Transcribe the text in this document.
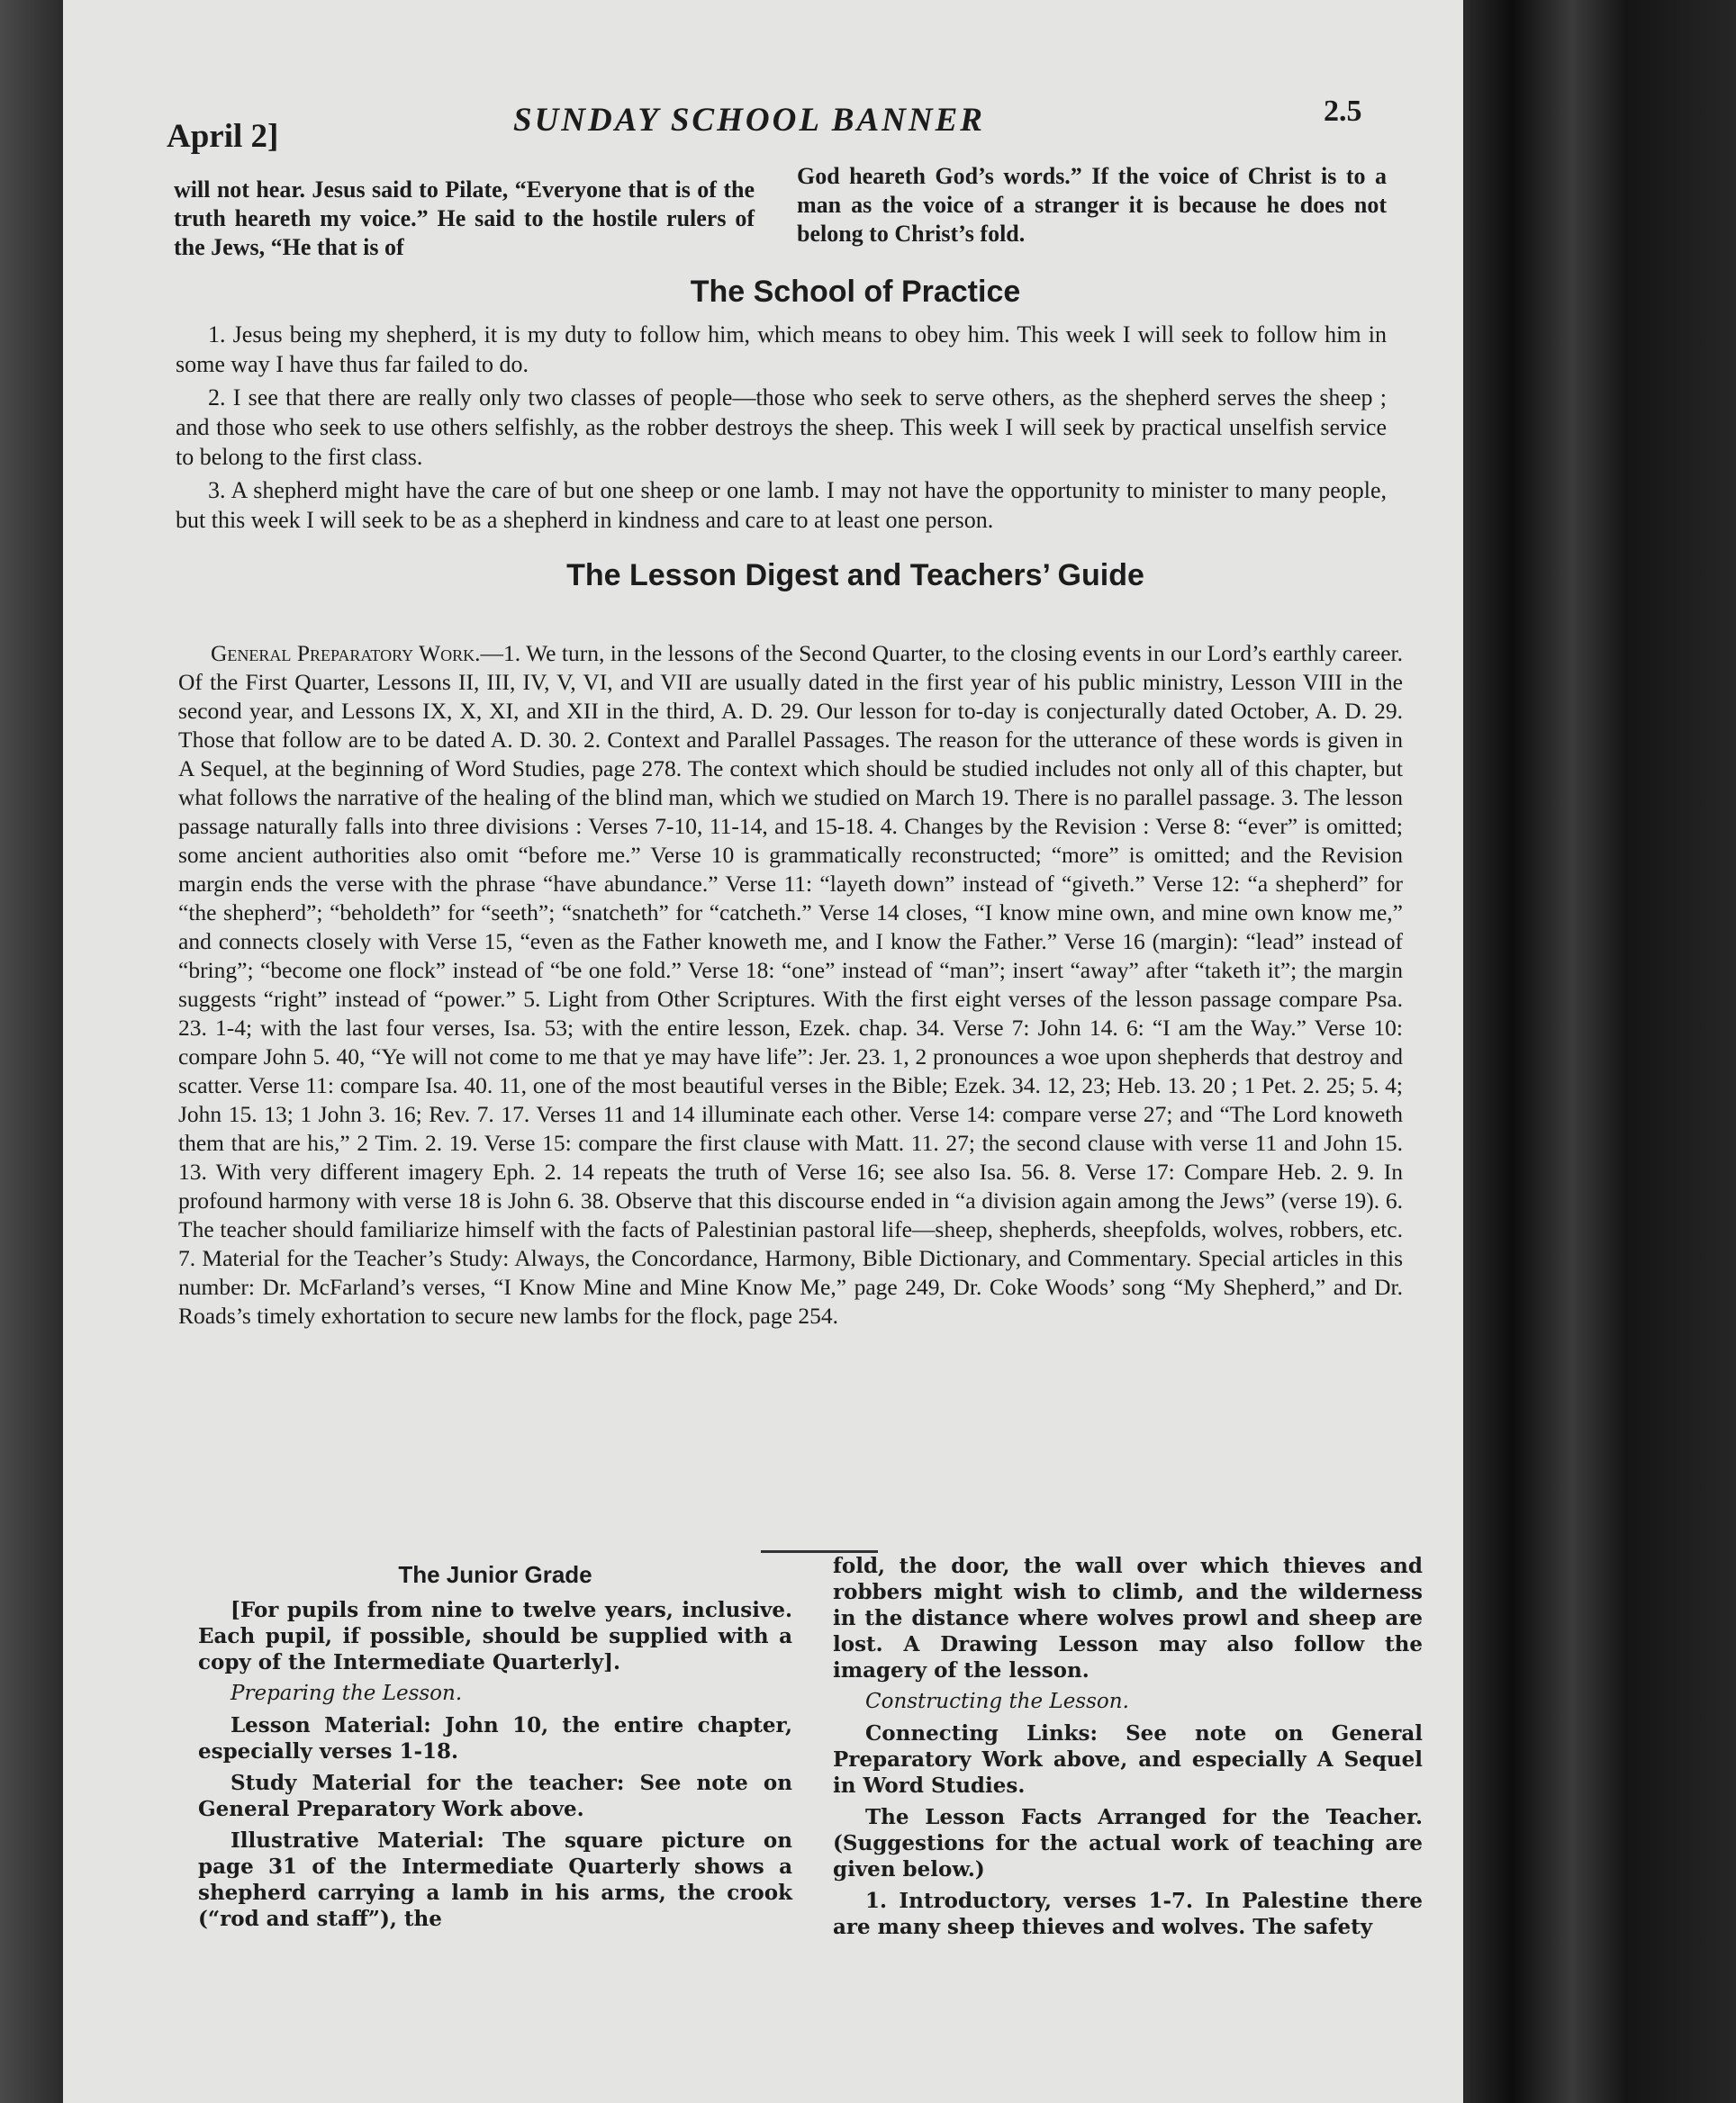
April 2]	SUNDAY SCHOOL BANNER	2.5

will not hear. Jesus said to Pilate, “Everyone that is of the truth heareth my voice.” He said to the hostile rulers of the Jews, “He that is of

God heareth God’s words.” If the voice of Christ is to a man as the voice of a stranger it is because he does not belong to Christ’s fold.

The School of Practice

1. Jesus being my shepherd, it is my duty to follow him, which means to obey him. This week I will seek to follow him in some way I have thus far failed to do.

2. I see that there are really only two classes of people—those who seek to serve others, as the shepherd serves the sheep ; and those who seek to use others selfishly, as the robber destroys the sheep. This week I will seek by practical unselfish service to belong to the first class.

3. A shepherd might have the care of but one sheep or one lamb. I may not have the opportunity to minister to many people, but this week I will seek to be as a shepherd in kindness and care to at least one person.

The Lesson Digest and Teachers’ Guide

General Preparatory Work.—1. We turn, in the lessons of the Second Quarter, to the closing events in our Lord’s earthly career. Of the First Quarter, Lessons II, III, IV, V, VI, and VII are usually dated in the first year of his public ministry, Lesson VIII in the second year, and Lessons IX, X, XI, and XII in the third, A. D. 29. Our lesson for to-day is conjecturally dated October, A. D. 29. Those that follow are to be dated A. D. 30. 2. Context and Parallel Passages. The reason for the utterance of these words is given in A Sequel, at the beginning of Word Studies, page 278. The context which should be studied includes not only all of this chapter, but what follows the narrative of the healing of the blind man, which we studied on March 19. There is no parallel passage. 3. The lesson passage naturally falls into three divisions : Verses 7-10, 11-14, and 15-18. 4. Changes by the Revision : Verse 8: “ever” is omitted; some ancient authorities also omit “before me.” Verse 10 is grammatically reconstructed; “more” is omitted; and the Revision margin ends the verse with the phrase “have abundance.” Verse 11: “layeth down” instead of “giveth.” Verse 12: “a shepherd” for “the shepherd”; “beholdeth” for “seeth”; “snatcheth” for “catcheth.” Verse 14 closes, “I know mine own, and mine own know me,” and connects closely with Verse 15, “even as the Father knoweth me, and I know the Father.” Verse 16 (margin): “lead” instead of “bring”; “become one flock” instead of “be one fold.” Verse 18: “one” instead of “man”; insert “away” after “taketh it”; the margin suggests “right” instead of “power.” 5. Light from Other Scriptures. With the first eight verses of the lesson passage compare Psa. 23. 1-4; with the last four verses, Isa. 53; with the entire lesson, Ezek. chap. 34. Verse 7: John 14. 6: “I am the Way.” Verse 10: compare John 5. 40, “Ye will not come to me that ye may have life”: Jer. 23. 1, 2 pronounces a woe upon shepherds that destroy and scatter. Verse 11: compare Isa. 40. 11, one of the most beautiful verses in the Bible; Ezek. 34. 12, 23; Heb. 13. 20 ; 1 Pet. 2. 25; 5. 4; John 15. 13; 1 John 3. 16; Rev. 7. 17. Verses 11 and 14 illuminate each other. Verse 14: compare verse 27; and “The Lord knoweth them that are his,” 2 Tim. 2. 19. Verse 15: compare the first clause with Matt. 11. 27; the second clause with verse 11 and John 15. 13. With very different imagery Eph. 2. 14 repeats the truth of Verse 16; see also Isa. 56. 8. Verse 17: Compare Heb. 2. 9. In profound harmony with verse 18 is John 6. 38. Observe that this discourse ended in “a division again among the Jews” (verse 19). 6. The teacher should familiarize himself with the facts of Palestinian pastoral life—sheep, shepherds, sheepfolds, wolves, robbers, etc. 7. Material for the Teacher’s Study: Always, the Concordance, Harmony, Bible Dictionary, and Commentary. Special articles in this number: Dr. McFarland’s verses, “I Know Mine and Mine Know Me,” page 249, Dr. Coke Woods’ song “My Shepherd,” and Dr. Roads’s timely exhortation to secure new lambs for the flock, page 254.

The Junior Grade

[For pupils from nine to twelve years, inclusive. Each pupil, if possible, should be supplied with a copy of the Intermediate Quarterly].

Preparing the Lesson.

Lesson Material: John 10, the entire chapter, especially verses 1-18.

Study Material for the teacher: See note on General Preparatory Work above.

Illustrative Material: The square picture on page 31 of the Intermediate Quarterly shows a shepherd carrying a lamb in his arms, the crook (“rod and staff”), the

fold, the door, the wall over which thieves and robbers might wish to climb, and the wilderness in the distance where wolves prowl and sheep are lost. A Drawing Lesson may also follow the imagery of the lesson.

Constructing the Lesson.

Connecting Links: See note on General Preparatory Work above, and especially A Sequel in Word Studies.

The Lesson Facts Arranged for the Teacher. (Suggestions for the actual work of teaching are given below.)

1. Introductory, verses 1-7. In Palestine there are many sheep thieves and wolves. The safety
